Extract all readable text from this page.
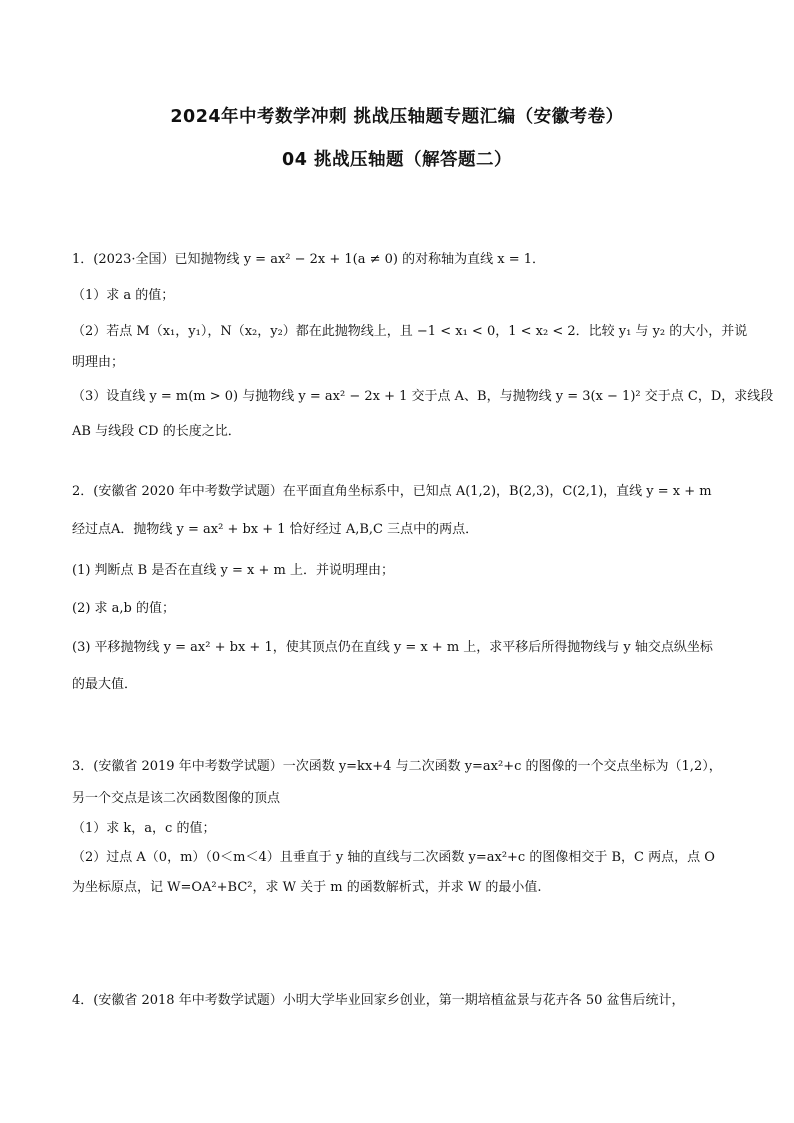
2024年中考数学冲刺 挑战压轴题专题汇编（安徽考卷）
04 挑战压轴题（解答题二）
1．(2023·全国）已知抛物线 y = ax² − 2x + 1(a ≠ 0) 的对称轴为直线 x = 1．
（1）求 a 的值；
（2）若点 M（x₁，y₁），N（x₂，y₂）都在此抛物线上，且 −1 < x₁ < 0，1 < x₂ < 2．比较 y₁ 与 y₂ 的大小，并说
明理由；
（3）设直线 y = m(m > 0) 与抛物线 y = ax² − 2x + 1 交于点 A、B，与抛物线 y = 3(x − 1)² 交于点 C，D，求线段
AB 与线段 CD 的长度之比．
2．(安徽省 2020 年中考数学试题）在平面直角坐标系中，已知点 A(1,2)，B(2,3)，C(2,1)，直线 y = x + m
经过点A．抛物线 y = ax² + bx + 1 恰好经过 A,B,C 三点中的两点．
(1) 判断点 B 是否在直线 y = x + m 上．并说明理由；
(2) 求 a,b 的值；
(3) 平移抛物线 y = ax² + bx + 1，使其顶点仍在直线 y = x + m 上，求平移后所得抛物线与 y 轴交点纵坐标
的最大值．
3．(安徽省 2019 年中考数学试题）一次函数 y=kx+4 与二次函数 y=ax²+c 的图像的一个交点坐标为（1,2），
另一个交点是该二次函数图像的顶点
（1）求 k，a，c 的值；
（2）过点 A（0，m）（0＜m＜4）且垂直于 y 轴的直线与二次函数 y=ax²+c 的图像相交于 B，C 两点，点 O
为坐标原点，记 W=OA²+BC²，求 W 关于 m 的函数解析式，并求 W 的最小值.
4．(安徽省 2018 年中考数学试题）小明大学毕业回家乡创业，第一期培植盆景与花卉各 50 盆售后统计，
